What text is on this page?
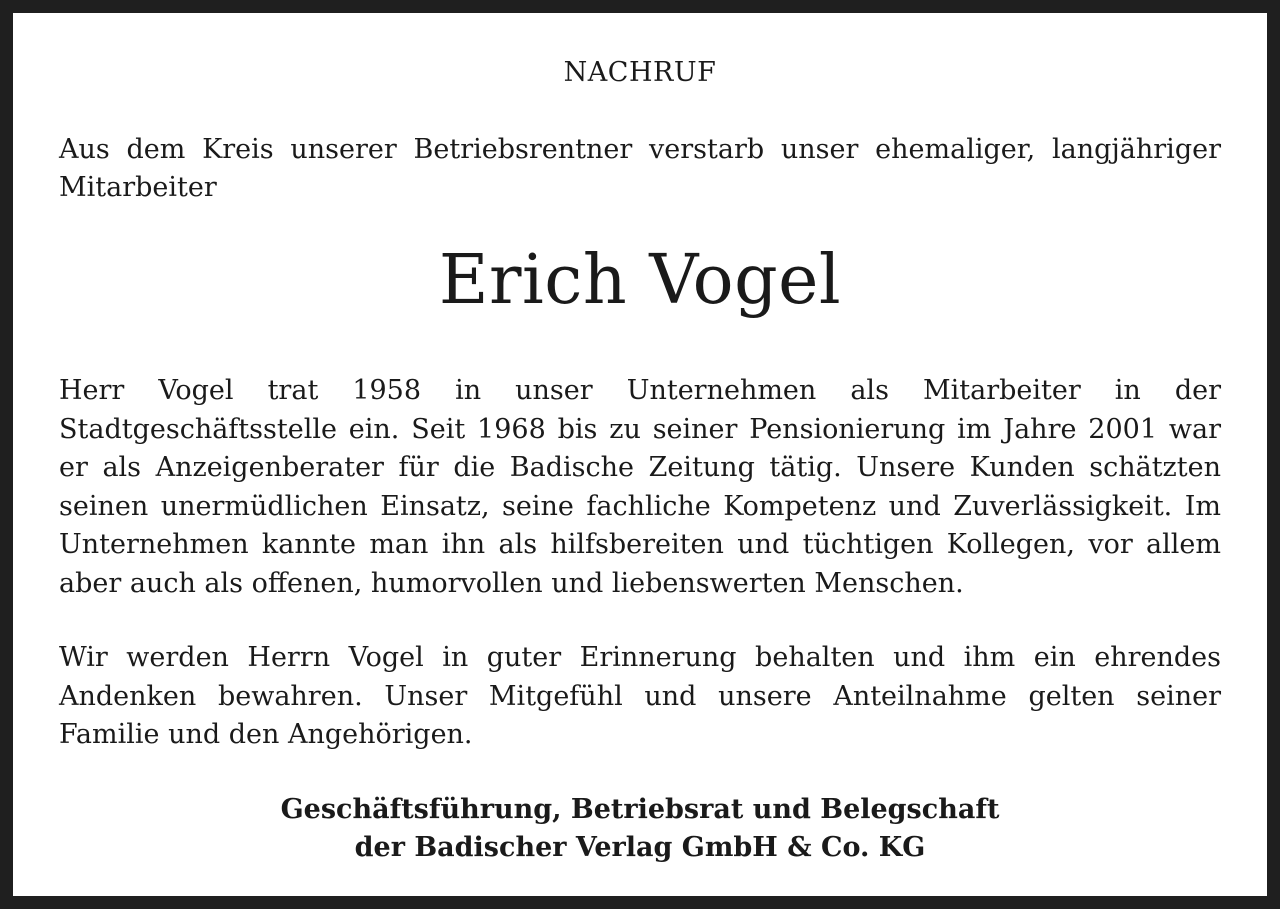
NACHRUF
Aus dem Kreis unserer Betriebsrentner verstarb unser ehemaliger, langjähriger Mitarbeiter
Erich Vogel

Herr Vogel trat 1958 in unser Unternehmen als Mitarbeiter in der Stadtgeschäftsstelle ein. Seit 1968 bis zu seiner Pensionierung im Jahre 2001 war er als Anzeigenberater für die Badische Zeitung tätig. Unsere Kunden schätzten seinen unermüdlichen Einsatz, seine fachliche Kompetenz und Zuverlässigkeit. Im Unternehmen kannte man ihn als hilfsbereiten und tüchtigen Kollegen, vor allem aber auch als offenen, humorvollen und liebenswerten Menschen.

Wir werden Herrn Vogel in guter Erinnerung behalten und ihm ein ehrendes Andenken bewahren. Unser Mitgefühl und unsere Anteilnahme gelten seiner Familie und den Angehörigen.

Geschäftsführung, Betriebsrat und Belegschaft
der Badischer Verlag GmbH & Co. KG
